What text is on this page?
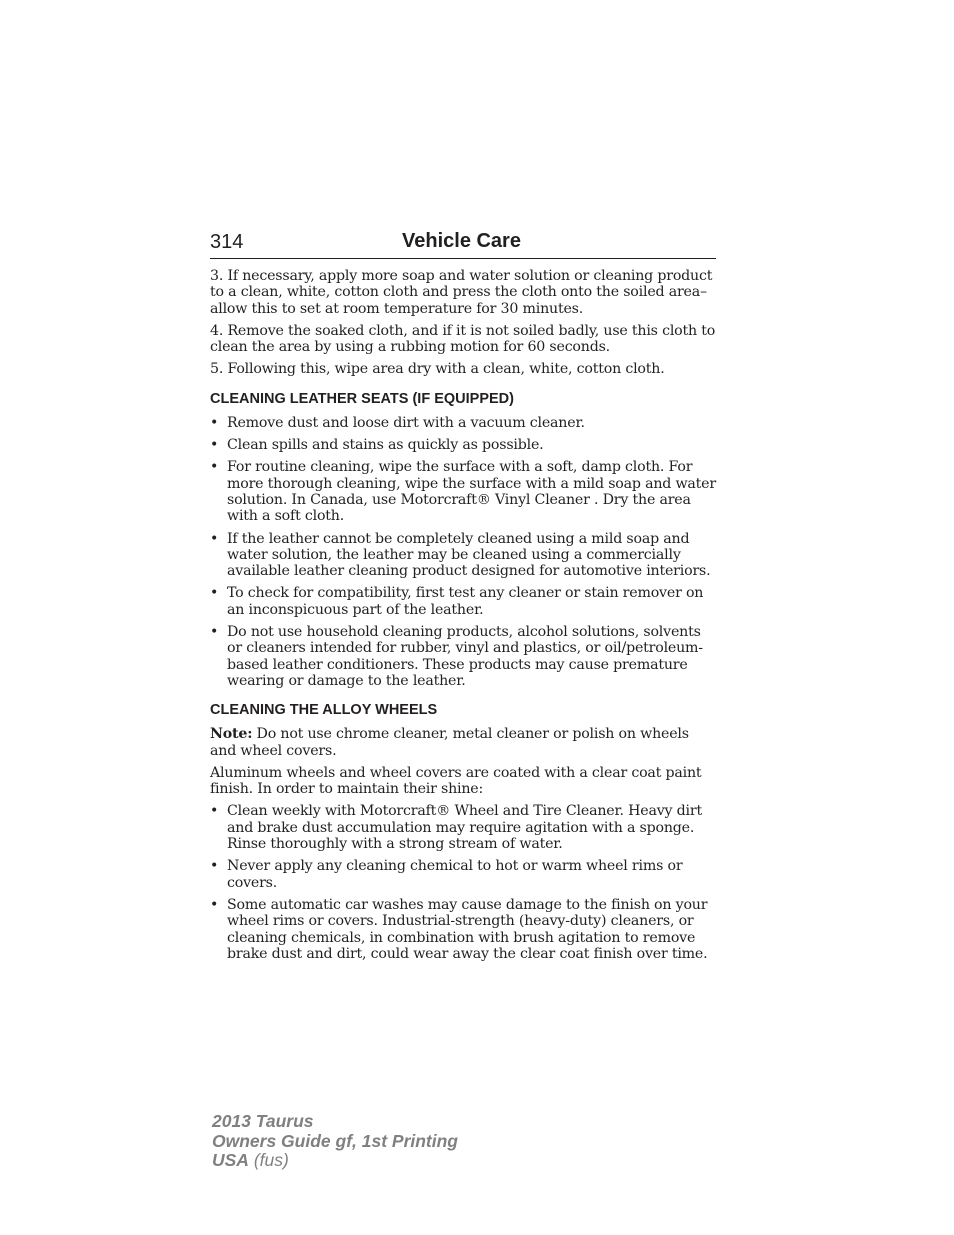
314	Vehicle Care

3. If necessary, apply more soap and water solution or cleaning product to a clean, white, cotton cloth and press the cloth onto the soiled area–allow this to set at room temperature for 30 minutes.

4. Remove the soaked cloth, and if it is not soiled badly, use this cloth to clean the area by using a rubbing motion for 60 seconds.

5. Following this, wipe area dry with a clean, white, cotton cloth.

CLEANING LEATHER SEATS (IF EQUIPPED)
• Remove dust and loose dirt with a vacuum cleaner.
• Clean spills and stains as quickly as possible.
• For routine cleaning, wipe the surface with a soft, damp cloth. For more thorough cleaning, wipe the surface with a mild soap and water solution. In Canada, use Motorcraft® Vinyl Cleaner . Dry the area with a soft cloth.
• If the leather cannot be completely cleaned using a mild soap and water solution, the leather may be cleaned using a commercially available leather cleaning product designed for automotive interiors.
• To check for compatibility, first test any cleaner or stain remover on an inconspicuous part of the leather.
• Do not use household cleaning products, alcohol solutions, solvents or cleaners intended for rubber, vinyl and plastics, or oil/petroleum-based leather conditioners. These products may cause premature wearing or damage to the leather.
CLEANING THE ALLOY WHEELS

Note: Do not use chrome cleaner, metal cleaner or polish on wheels and wheel covers.

Aluminum wheels and wheel covers are coated with a clear coat paint finish. In order to maintain their shine:

• Clean weekly with Motorcraft® Wheel and Tire Cleaner. Heavy dirt and brake dust accumulation may require agitation with a sponge. Rinse thoroughly with a strong stream of water.
• Never apply any cleaning chemical to hot or warm wheel rims or covers.
• Some automatic car washes may cause damage to the finish on your wheel rims or covers. Industrial-strength (heavy-duty) cleaners, or cleaning chemicals, in combination with brush agitation to remove brake dust and dirt, could wear away the clear coat finish over time.
2013 Taurus
Owners Guide gf, 1st Printing
USA (fus)
